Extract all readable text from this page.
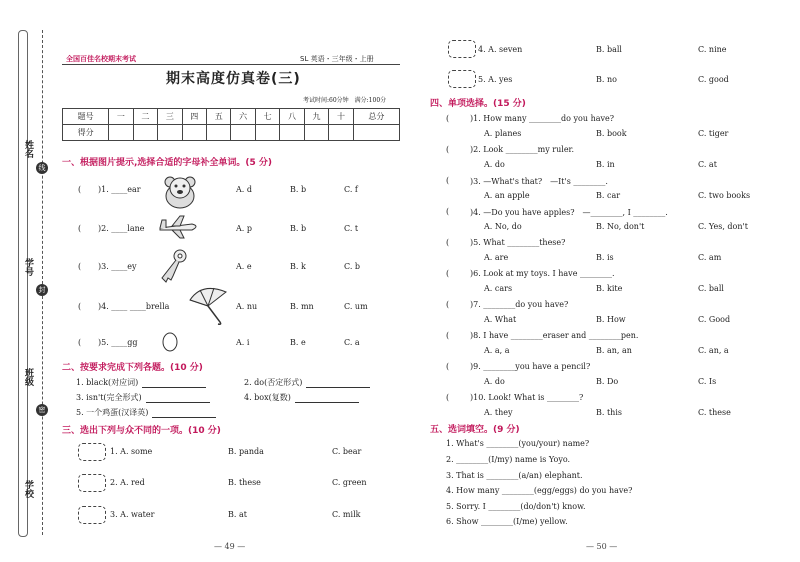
线
封
密
姓名
学号
班级
学校
全国百佳名校期末考试	SL 英语・三年级・上册
期末高度仿真卷(三)
考试时间:60分钟　满分:100分
题号	一	二	三	四	五	六	七	八	九	十	总分
得分											
一、根据图片提示,选择合适的字母补全单词。(5 分)
( )1. ____ear	A. d	B. b	C. f
( )2. ____lane	A. p	B. b	C. t
( )3. ____ey	A. e	B. k	C. b
( )4. ____ ____brella	A. nu	B. mn	C. um
( )5. ____gg	A. i	B. e	C. a
二、按要求完成下列各题。(10 分)
1. black(对应词)	2. do(否定形式)
3. isn't(完全形式)	4. box(复数)
5. 一个鸡蛋(汉译英)
三、选出下列与众不同的一项。(10 分)
1. A. some	B. panda	C. bear
2. A. red	B. these	C. green
3. A. water	B. at	C. milk
— 49 —
4. A. seven	B. ball	C. nine
5. A. yes	B. no	C. good
四、单项选择。(15 分)
(	)1. How many ________do you have?
A. planes	B. book	C. tiger
(	)2. Look ________my ruler.
A. do	B. in	C. at
(	)3. —What's that?　—It's ________.
A. an apple	B. car	C. two books
(	)4. —Do you have apples?　—________, I ________.
A. No, do	B. No, don't	C. Yes, don't
(	)5. What ________these?
A. are	B. is	C. am
(	)6. Look at my toys. I have ________.
A. cars	B. kite	C. ball
(	)7. ________do you have?
A. What	B. How	C. Good
(	)8. I have ________eraser and ________pen.
A. a, a	B. an, an	C. an, a
(	)9. ________you have a pencil?
A. do	B. Do	C. Is
(	)10. Look! What is ________?
A. they	B. this	C. these
五、选词填空。(9 分)
1. What's ________(you/your) name?
2. ________(I/my) name is Yoyo.
3. That is ________(a/an) elephant.
4. How many ________(egg/eggs) do you have?
5. Sorry. I ________(do/don't) know.
6. Show ________(I/me) yellow.
— 50 —
